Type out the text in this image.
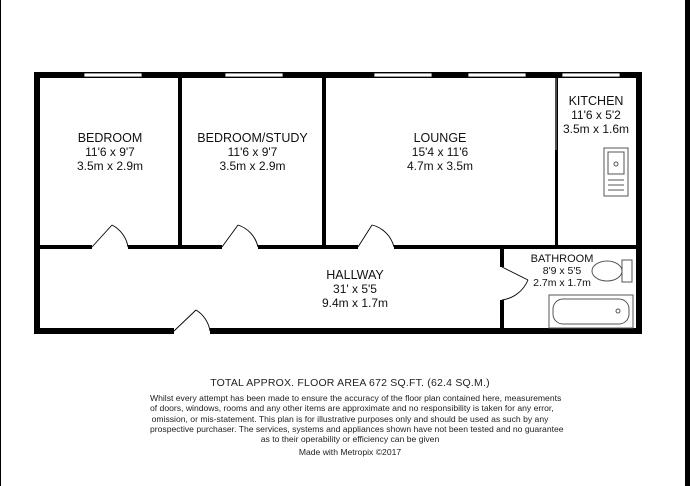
BEDROOM
11'6 x 9'7
3.5m x 2.9m
BEDROOM/STUDY
11'6 x 9'7
3.5m x 2.9m
LOUNGE
15'4 x 11'6
4.7m x 3.5m
KITCHEN
11'6 x 5'2
3.5m x 1.6m
HALLWAY
31' x 5'5
9.4m x 1.7m
BATHROOM
8'9 x 5'5
2.7m x 1.7m
TOTAL APPROX. FLOOR AREA 672 SQ.FT. (62.4 SQ.M.)
Whilst every attempt has been made to ensure the accuracy of the floor plan contained here, measurements
of doors, windows, rooms and any other items are approximate and no responsibility is taken for any error,
omission, or mis-statement. This plan is for illustrative purposes only and should be used as such by any
prospective purchaser. The services, systems and appliances shown have not been tested and no guarantee
as to their operability or efficiency can be given
Made with Metropix ©2017
